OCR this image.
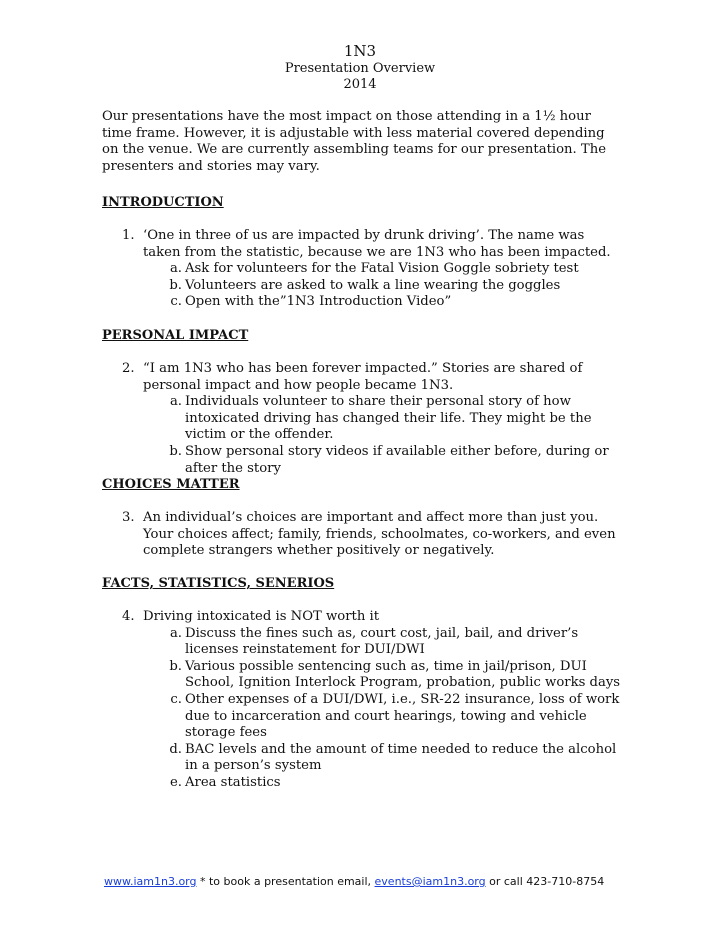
1N3
Presentation Overview
2014
Our presentations have the most impact on those attending in a 1½ hour time frame. However, it is adjustable with less material covered depending on the venue. We are currently assembling teams for our presentation. The presenters and stories may vary.
INTRODUCTION
1. ‘One in three of us are impacted by drunk driving’. The name was taken from the statistic, because we are 1N3 who has been impacted.
a. Ask for volunteers for the Fatal Vision Goggle sobriety test
b. Volunteers are asked to walk a line wearing the goggles
c. Open with the”1N3 Introduction Video”
PERSONAL IMPACT
2. “I am 1N3 who has been forever impacted.” Stories are shared of personal impact and how people became 1N3.
a. Individuals volunteer to share their personal story of how intoxicated driving has changed their life. They might be the victim or the offender.
b. Show personal story videos if available either before, during or after the story
CHOICES MATTER
3. An individual’s choices are important and affect more than just you. Your choices affect; family, friends, schoolmates, co-workers, and even complete strangers whether positively or negatively.
FACTS, STATISTICS, SENERIOS
4. Driving intoxicated is NOT worth it
a. Discuss the fines such as, court cost, jail, bail, and driver’s licenses reinstatement for DUI/DWI
b. Various possible sentencing such as, time in jail/prison, DUI School, Ignition Interlock Program, probation, public works days
c. Other expenses of a DUI/DWI, i.e., SR-22 insurance, loss of work due to incarceration and court hearings, towing and vehicle storage fees
d. BAC levels and the amount of time needed to reduce the alcohol in a person’s system
e. Area statistics
www.iam1n3.org * to book a presentation email, events@iam1n3.org or call 423-710-8754
